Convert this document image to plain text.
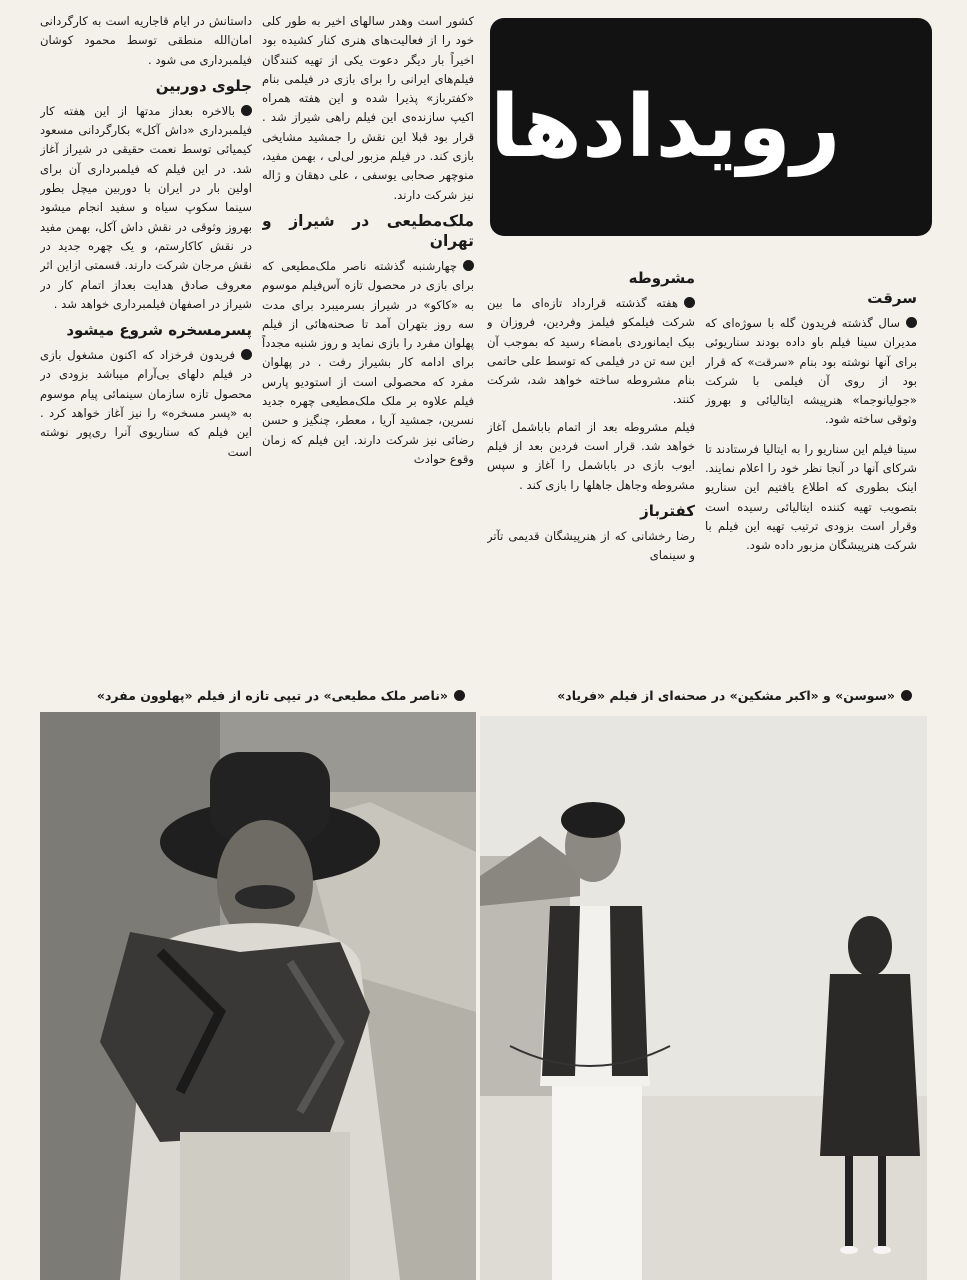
رویدادها
سرقت

سال گذشته فریدون گله با سوژه‌ای که مدیران سینا فیلم باو داده بودند سناریوئی برای آنها نوشته بود بنام «سرقت» که قرار بود از روی آن فیلمی با شرکت «جولیانوجما» هنرپیشه ایتالیائی و بهروز وثوقی ساخته شود.

سینا فیلم این سناریو را به ایتالیا فرستادند تا شرکای آنها در آنجا نظر خود را اعلام نمایند. اینک بطوری که اطلاع یافتیم این سناریو بتصویب تهیه کننده ایتالیائی رسیده است وقرار است بزودی ترتیب تهیه این فیلم با شرکت هنرپیشگان مزبور داده شود.

مشروطه

هفته گذشته قرارداد تازه‌ای ما بین شرکت فیلمکو فیلمز وفردین، فروزان و بیک ایمانوردی بامضاء رسید که بموجب آن این سه تن در فیلمی که توسط علی حاتمی بنام مشروطه ساخته خواهد شد، شرکت کنند.

فیلم مشروطه بعد از اتمام باباشمل آغاز خواهد شد. قرار است فردین بعد از فیلم ایوب بازی در باباشمل را آغاز و سپس مشروطه وجاهل جاهلها را بازی کند .

کفترباز

رضا رخشانی که از هنرپیشگان قدیمی تآتر و سینمای

کشور است وهدر سالهای اخیر به طور کلی خود را از فعالیت‌های هنری کنار کشیده بود اخیراً بار دیگر دعوت یکی از تهیه کنندگان فیلم‌های ایرانی را برای بازی در فیلمی بنام «کفترباز» پذیرا شده و این هفته همراه اکیپ سازنده‌ی این فیلم راهی شیراز شد . قرار بود قبلا این نقش را جمشید مشایخی بازی کند. در فیلم مزبور لی‌لی ، بهمن مفید، منوچهر صحابی یوسفی ، علی دهقان و ژاله نیز شرکت دارند.

ملک‌مطیعی در شیراز و تهران

چهارشنبه گذشته ناصر ملک‌مطیعی که برای بازی در محصول تازه آس‌فیلم موسوم به «کاکو» در شیراز بسرمیبرد برای مدت سه روز بتهران آمد تا صحنه‌هائی از فیلم پهلوان مفرد را بازی نماید و روز شنبه مجدداً برای ادامه کار بشیراز رفت . در پهلوان مفرد که محصولی است از استودیو پارس فیلم علاوه بر ملک ملک‌مطیعی چهره جدید نسرین، جمشید آریا ، معطر، چنگیز و حسن رضائی نیز شرکت دارند. این فیلم که زمان وقوع حوادث

داستانش در ایام قاجاریه است به کارگردانی امان‌الله منطقی توسط محمود کوشان فیلمبرداری می شود .

جلوی دوربین

بالاخره بعداز مدتها از این هفته کار فیلمبرداری «داش آکل» بکارگردانی مسعود کیمیائی توسط نعمت حقیقی در شیراز آغاز شد. در این فیلم که فیلمبرداری آن برای اولین بار در ایران با دوربین میچل بطور سینما سکوپ سیاه و سفید انجام میشود بهروز وثوقی در نقش داش آکل، بهمن مفید در نقش کاکارستم، و یک چهره جدید در نقش مرجان شرکت دارند. قسمتی ازاین اثر معروف صادق هدایت بعداز اتمام کار در شیراز در اصفهان فیلمبرداری خواهد شد .

پسرمسخره شروع میشود

فریدون فرخزاد که اکنون مشغول بازی در فیلم دلهای بی‌آرام میباشد بزودی در محصول تازه سازمان سینمائی پیام موسوم به «پسر مسخره» را نیز آغاز خواهد کرد . این فیلم که سناریوی آنرا ری‌پور نوشته است

«ناصر ملک مطیعی» در تیپی تازه از فیلم «پهلوون مفرد»	«سوسن» و «اکبر مشکین» در صحنه‌ای از فیلم «فریاد»
